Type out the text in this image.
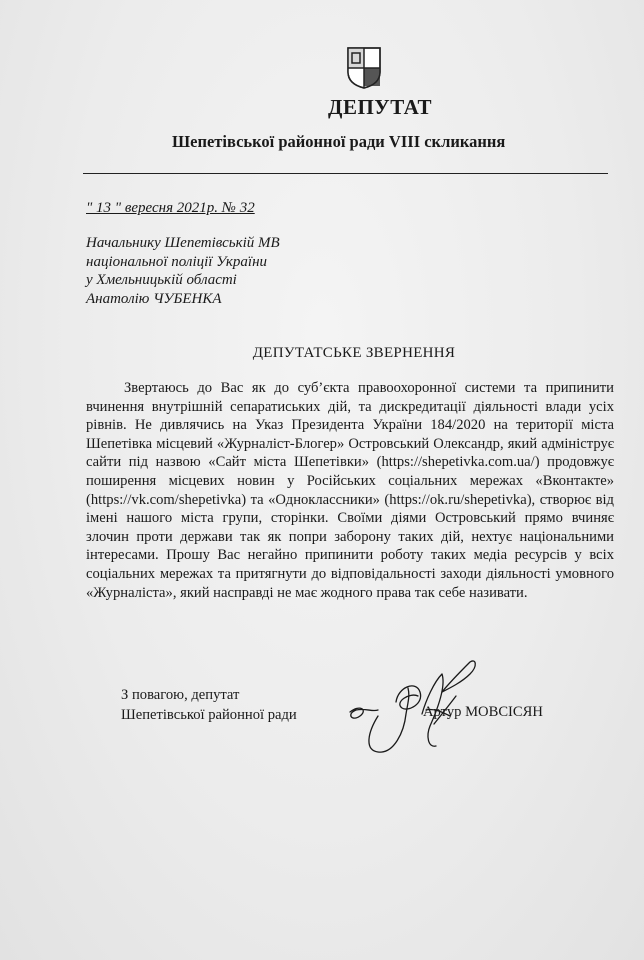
ДЕПУТАТ
Шепетівської районної ради VIII скликання
" 13 " вересня 2021р. № 32
Начальнику Шепетівській МВ
національної поліції України
у Хмельницькій області
Анатолію ЧУБЕНКА
ДЕПУТАТСЬКЕ ЗВЕРНЕННЯ
Звертаюсь до Вас як до суб’єкта правоохоронної системи та припинити вчинення внутрішній сепаратиських дій, та дискредитації діяльності влади усіх рівнів. Не дивлячись на Указ Президента України 184/2020 на території міста Шепетівка місцевий «Журналіст-Блогер» Островський Олександр, який адмініструє сайти під назвою «Сайт міста Шепетівки» (https://shepetivka.com.ua/) продовжує поширення місцевих новин у Російських соціальних мережах «Вконтакте» (https://vk.com/shepetivka) та «Однoклассники» (https://ok.ru/shepetivka), створює від імені нашого міста групи, сторінки. Своїми діями Островський прямо вчиняє злочин проти держави так як попри заборону таких дій, нехтує національними інтересами. Прошу Вас негайно припинити роботу таких медіа ресурсів у всіх соціальних мережах та притягнути до відповідальності заходи діяльності умовного «Журналіста», який насправді не має жодного права так себе називати.
З повагою, депутат
Шепетівської районної ради	Артур МОВСІСЯН
